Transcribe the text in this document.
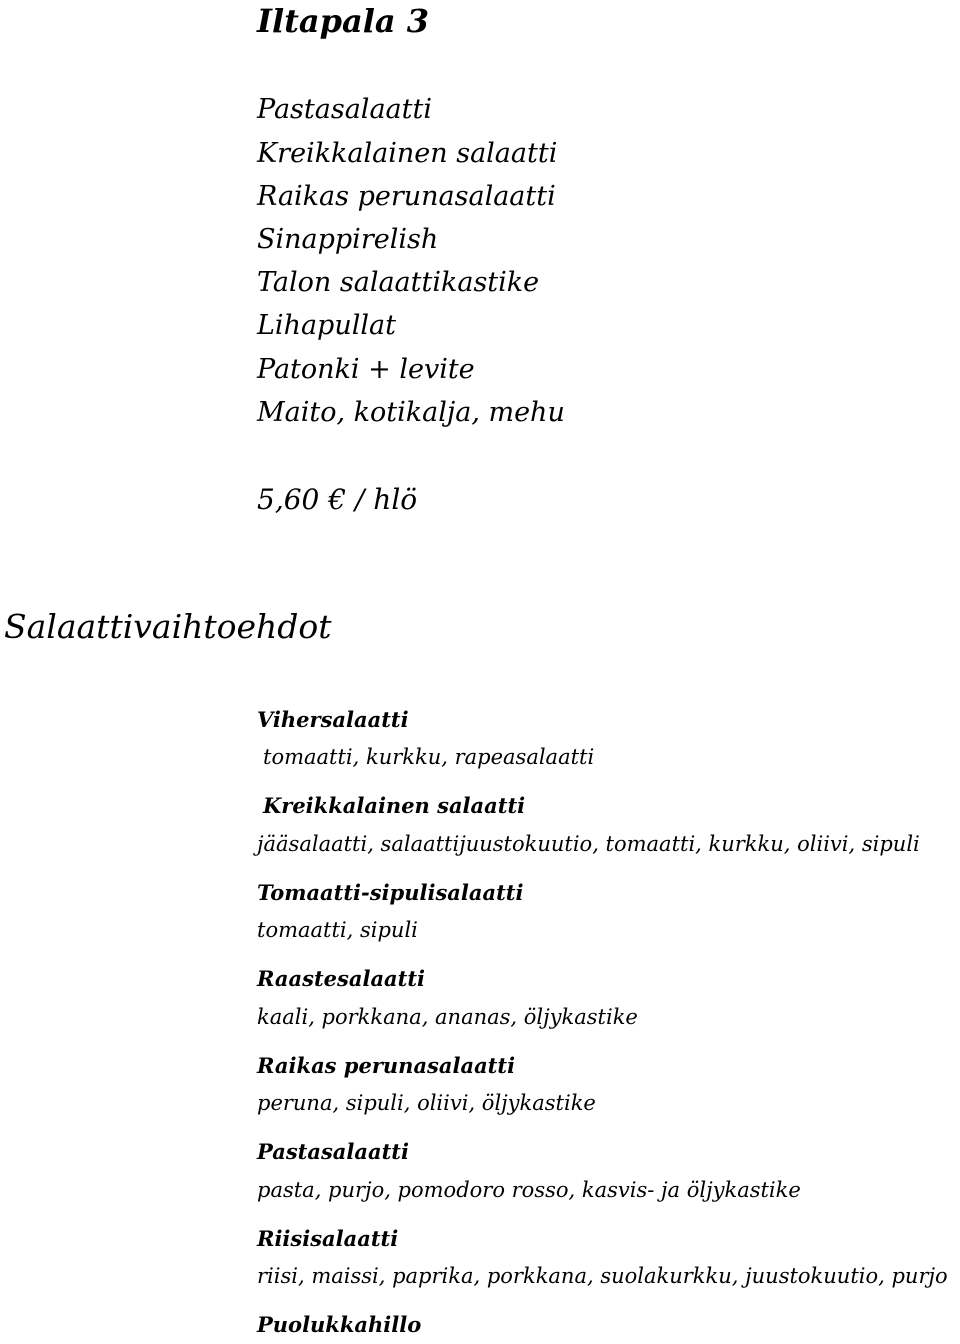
Iltapala 3
Pastasalaatti
Kreikkalainen salaatti
Raikas perunasalaatti
Sinappirelish
Talon salaattikastike
Lihapullat
Patonki + levite
Maito, kotikalja, mehu
5,60 € / hlö
Salaattivaihtoehdot
Vihersalaatti
tomaatti, kurkku, rapeasalaatti
Kreikkalainen salaatti
jääsalaatti, salaattijuustokuutio, tomaatti, kurkku, oliivi, sipuli
Tomaatti-sipulisalaatti
tomaatti, sipuli
Raastesalaatti
kaali, porkkana, ananas, öljykastike
Raikas perunasalaatti
peruna, sipuli, oliivi, öljykastike
Pastasalaatti
pasta, purjo, pomodoro rosso, kasvis- ja öljykastike
Riisisalaatti
riisi, maissi, paprika, porkkana, suolakurkku, juustokuutio, purjo
Puolukkahillo
